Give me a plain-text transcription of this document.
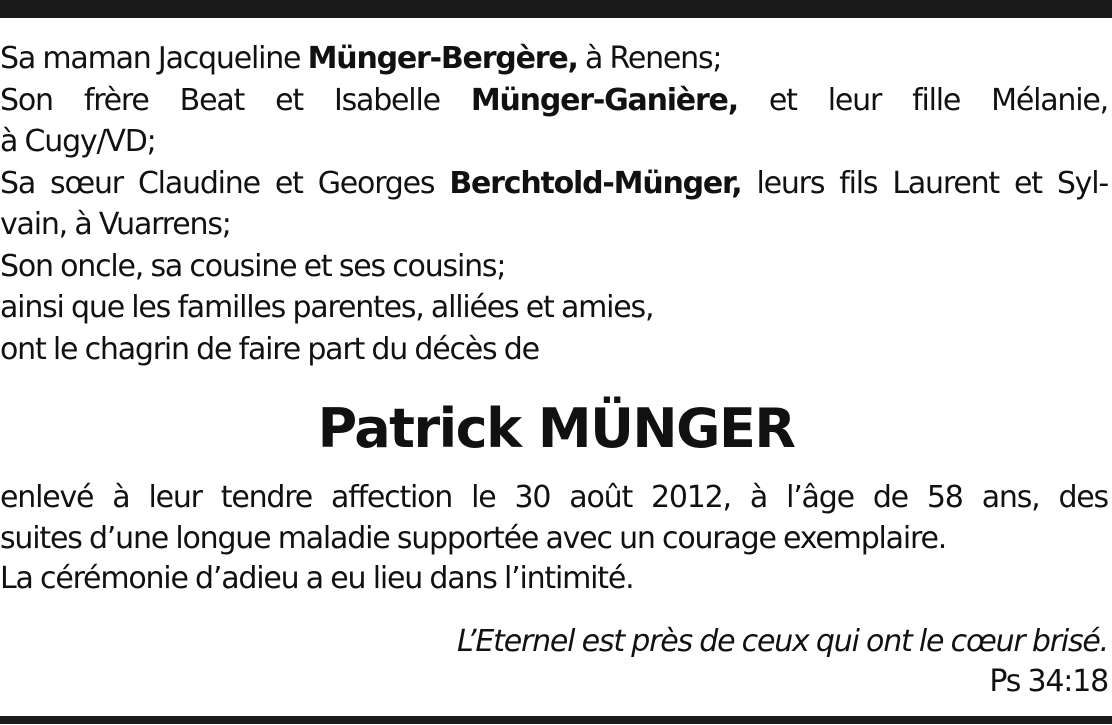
Sa maman Jacqueline Münger-Bergère, à Renens;
Son frère Beat et Isabelle Münger-Ganière, et leur fille Mélanie,
à Cugy/VD;
Sa sœur Claudine et Georges Berchtold-Münger, leurs fils Laurent et Syl-
vain, à Vuarrens;
Son oncle, sa cousine et ses cousins;
ainsi que les familles parentes, alliées et amies,
ont le chagrin de faire part du décès de
Patrick MÜNGER
enlevé à leur tendre affection le 30 août 2012, à l’âge de 58 ans, des
suites d’une longue maladie supportée avec un courage exemplaire.
La cérémonie d’adieu a eu lieu dans l’intimité.
L’Eternel est près de ceux qui ont le cœur brisé.
Ps 34:18
